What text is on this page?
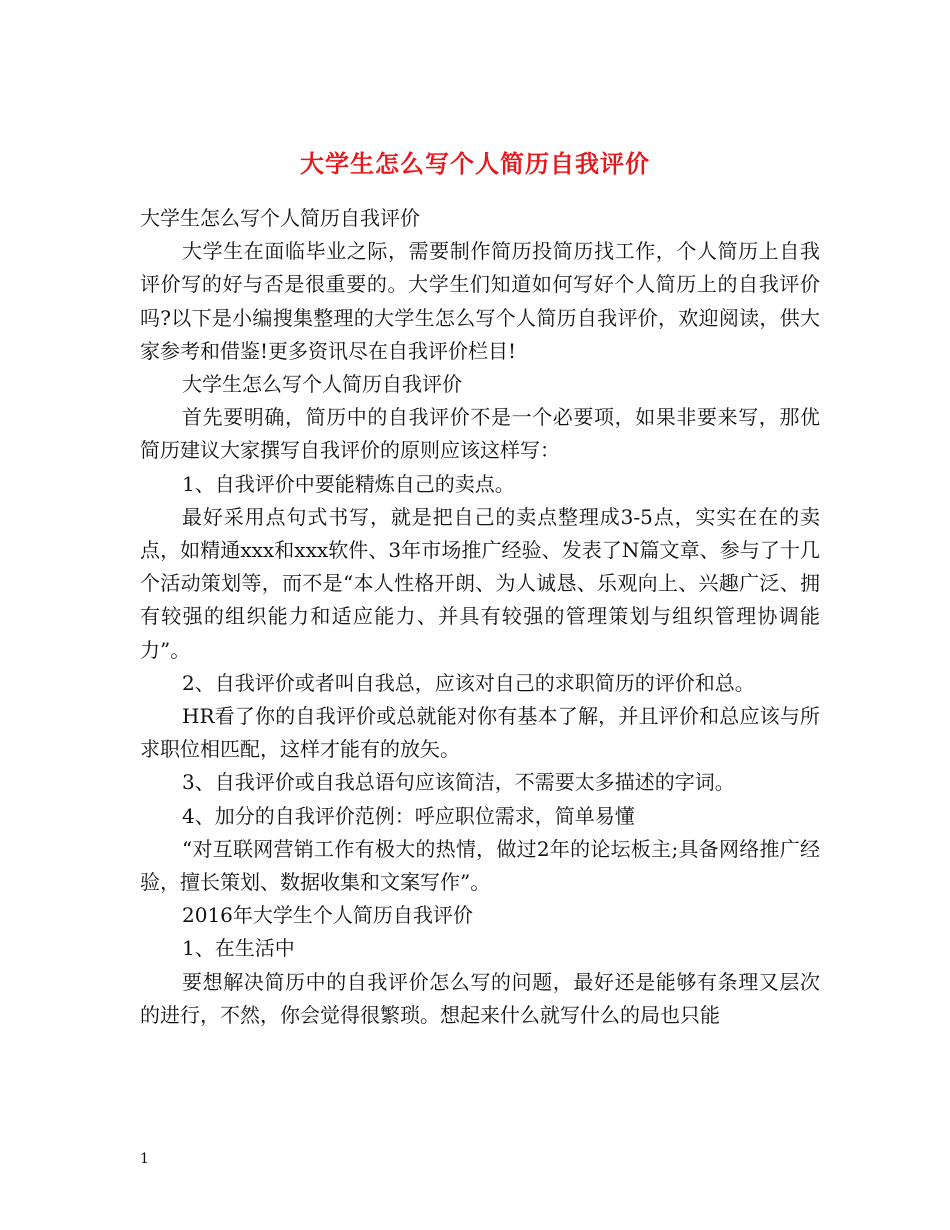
大学生怎么写个人简历自我评价

大学生怎么写个人简历自我评价

大学生在面临毕业之际，需要制作简历投简历找工作，个人简历上自我评价写的好与否是很重要的。大学生们知道如何写好个人简历上的自我评价吗?以下是小编搜集整理的大学生怎么写个人简历自我评价，欢迎阅读，供大家参考和借鉴!更多资讯尽在自我评价栏目!

大学生怎么写个人简历自我评价

首先要明确，简历中的自我评价不是一个必要项，如果非要来写，那优简历建议大家撰写自我评价的原则应该这样写：

1、自我评价中要能精炼自己的卖点。

最好采用点句式书写，就是把自己的卖点整理成3-5点，实实在在的卖点，如精通xxx和xxx软件、3年市场推广经验、发表了N篇文章、参与了十几个活动策划等，而不是“本人性格开朗、为人诚恳、乐观向上、兴趣广泛、拥有较强的组织能力和适应能力、并具有较强的管理策划与组织管理协调能力”。

2、自我评价或者叫自我总，应该对自己的求职简历的评价和总。

HR看了你的自我评价或总就能对你有基本了解，并且评价和总应该与所求职位相匹配，这样才能有的放矢。

3、自我评价或自我总语句应该简洁，不需要太多描述的字词。

4、加分的自我评价范例：呼应职位需求，简单易懂

“对互联网营销工作有极大的热情，做过2年的论坛板主;具备网络推广经验，擅长策划、数据收集和文案写作”。

2016年大学生个人简历自我评价

1、在生活中

要想解决简历中的自我评价怎么写的问题，最好还是能够有条理又层次的进行，不然，你会觉得很繁琐。想起来什么就写什么的局也只能

1
